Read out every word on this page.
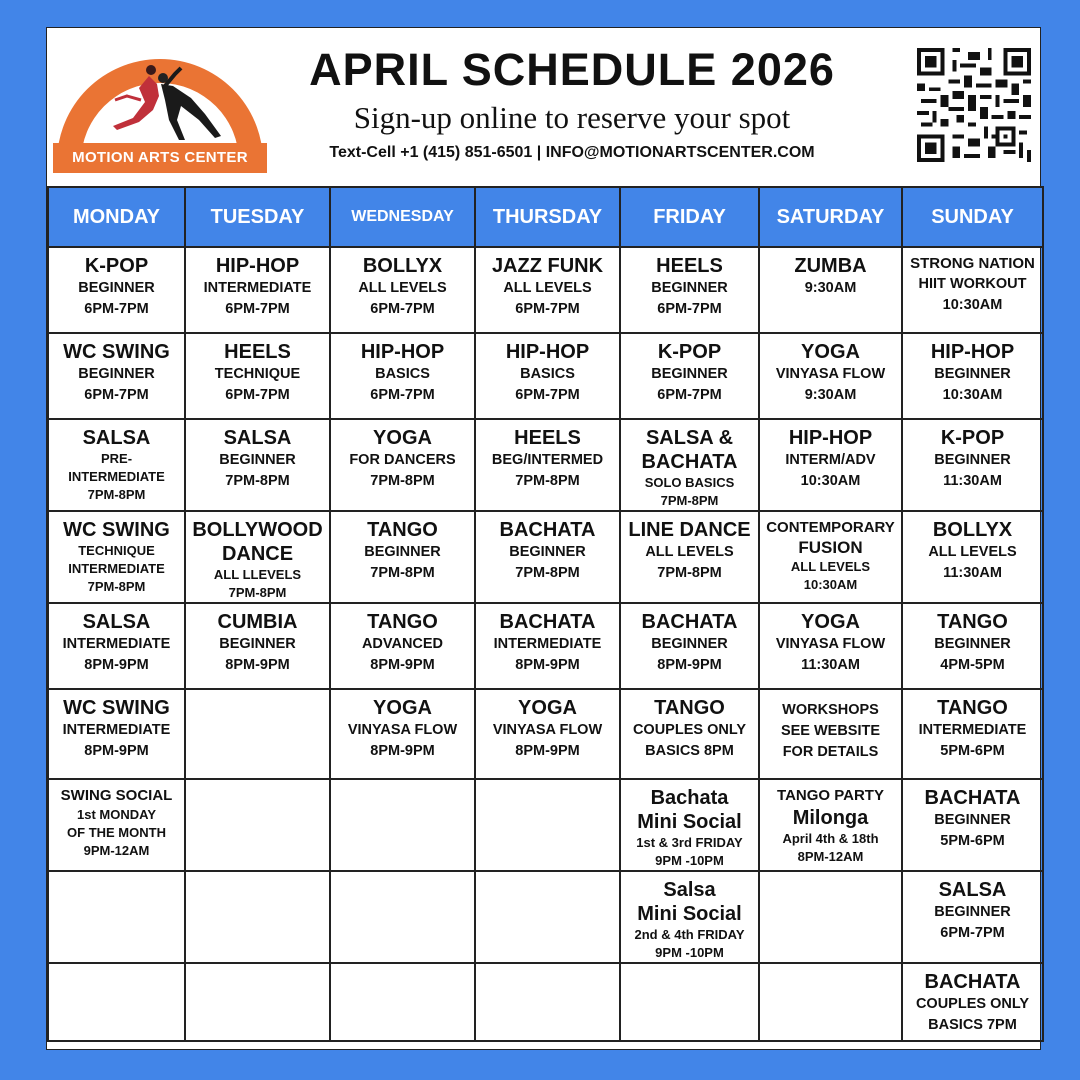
MOTION ARTS CENTER
APRIL SCHEDULE 2026
Sign-up online to reserve your spot
Text-Cell +1 (415) 851-6501 | INFO@MOTIONARTSCENTER.COM
MONDAY	TUESDAY	WEDNESDAY	THURSDAY	FRIDAY	SATURDAY	SUNDAY

K-POP
BEGINNER
6PM-7PM	HIP-HOP
INTERMEDIATE
6PM-7PM	BOLLYX
ALL LEVELS
6PM-7PM	JAZZ FUNK
ALL LEVELS
6PM-7PM	HEELS
BEGINNER
6PM-7PM	ZUMBA
9:30AM	STRONG NATION
HIIT WORKOUT
10:30AM

WC SWING
BEGINNER
6PM-7PM	HEELS
TECHNIQUE
6PM-7PM	HIP-HOP
BASICS
6PM-7PM	HIP-HOP
BASICS
6PM-7PM	K-POP
BEGINNER
6PM-7PM	YOGA
VINYASA FLOW
9:30AM	HIP-HOP
BEGINNER
10:30AM

SALSA
PRE-
INTERMEDIATE
7PM-8PM	SALSA
BEGINNER
7PM-8PM	YOGA
FOR DANCERS
7PM-8PM	HEELS
BEG/INTERMED
7PM-8PM	SALSA &
BACHATA
SOLO BASICS
7PM-8PM	HIP-HOP
INTERM/ADV
10:30AM	K-POP
BEGINNER
11:30AM

WC SWING
TECHNIQUE
INTERMEDIATE
7PM-8PM	BOLLYWOOD
DANCE
ALL LLEVELS
7PM-8PM	TANGO
BEGINNER
7PM-8PM	BACHATA
BEGINNER
7PM-8PM	LINE DANCE
ALL LEVELS
7PM-8PM	CONTEMPORARY
FUSION
ALL LEVELS
10:30AM	BOLLYX
ALL LEVELS
11:30AM

SALSA
INTERMEDIATE
8PM-9PM	CUMBIA
BEGINNER
8PM-9PM	TANGO
ADVANCED
8PM-9PM	BACHATA
INTERMEDIATE
8PM-9PM	BACHATA
BEGINNER
8PM-9PM	YOGA
VINYASA FLOW
11:30AM	TANGO
BEGINNER
4PM-5PM

WC SWING
INTERMEDIATE
8PM-9PM		YOGA
VINYASA FLOW
8PM-9PM	YOGA
VINYASA FLOW
8PM-9PM	TANGO
COUPLES ONLY
BASICS 8PM	WORKSHOPS
SEE WEBSITE
FOR DETAILS	TANGO
INTERMEDIATE
5PM-6PM

SWING SOCIAL
1st MONDAY
OF THE MONTH
9PM-12AM				Bachata
Mini Social
1st & 3rd FRIDAY
9PM -10PM	TANGO PARTY
Milonga
April 4th & 18th
8PM-12AM	BACHATA
BEGINNER
5PM-6PM

				Salsa
Mini Social
2nd & 4th FRIDAY
9PM -10PM		SALSA
BEGINNER
6PM-7PM

						BACHATA
COUPLES ONLY
BASICS 7PM
